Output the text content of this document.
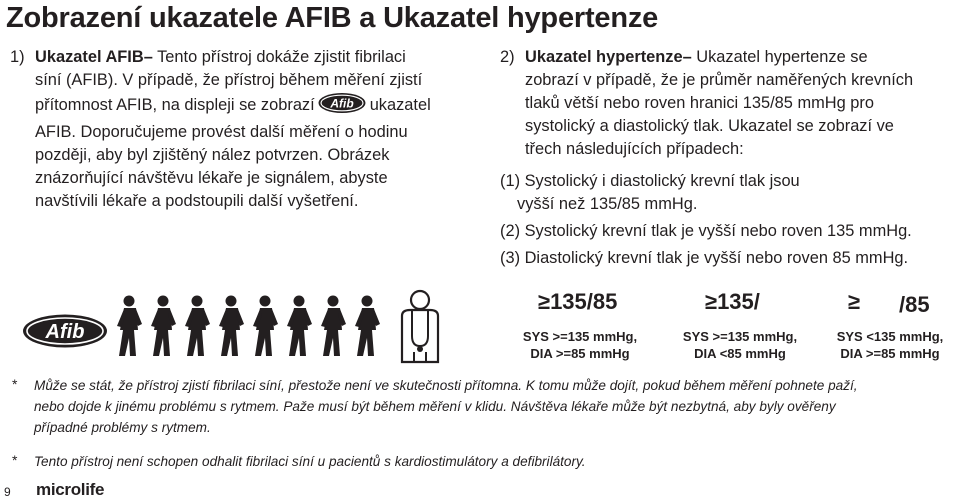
Zobrazení ukazatele AFIB a Ukazatel hypertenze
1) Ukazatel AFIB– Tento přístroj dokáže zjistit fibrilaci
síní (AFIB). V případě, že přístroj během měření zjistí
přítomnost AFIB, na displeji se zobrazí Afib ukazatel
AFIB. Doporučujeme provést další měření o hodinu
později, aby byl zjištěný nález potvrzen. Obrázek
znázorňující návštěvu lékaře je signálem, abyste
navštívili lékaře a podstoupili další vyšetření.
Afib
2) Ukazatel hypertenze– Ukazatel hypertenze se
zobrazí v případě, že je průměr naměřených krevních
tlaků větší nebo roven hranici 135/85 mmHg pro
systolický a diastolický tlak. Ukazatel se zobrazí ve
třech následujících případech:
(1) Systolický i diastolický krevní tlak jsou
vyšší než 135/85 mmHg.
(2) Systolický krevní tlak je vyšší nebo roven 135 mmHg.
(3) Diastolický krevní tlak je vyšší nebo roven 85 mmHg.
≥135/85	≥135/	≥ /85
SYS >=135 mmHg,
DIA >=85 mmHg
SYS >=135 mmHg,
DIA <85 mmHg
SYS <135 mmHg,
DIA >=85 mmHg
* Může se stát, že přístroj zjistí fibrilaci síní, přestože není ve skutečnosti přítomna. K tomu může dojít, pokud během měření pohnete paží,
nebo dojde k jinému problému s rytmem. Paže musí být během měření v klidu. Návštěva lékaře může být nezbytná, aby byly ověřeny
případné problémy s rytmem.
* Tento přístroj není schopen odhalit fibrilaci síní u pacientů s kardiostimulátory a defibrilátory.
9 microlife
